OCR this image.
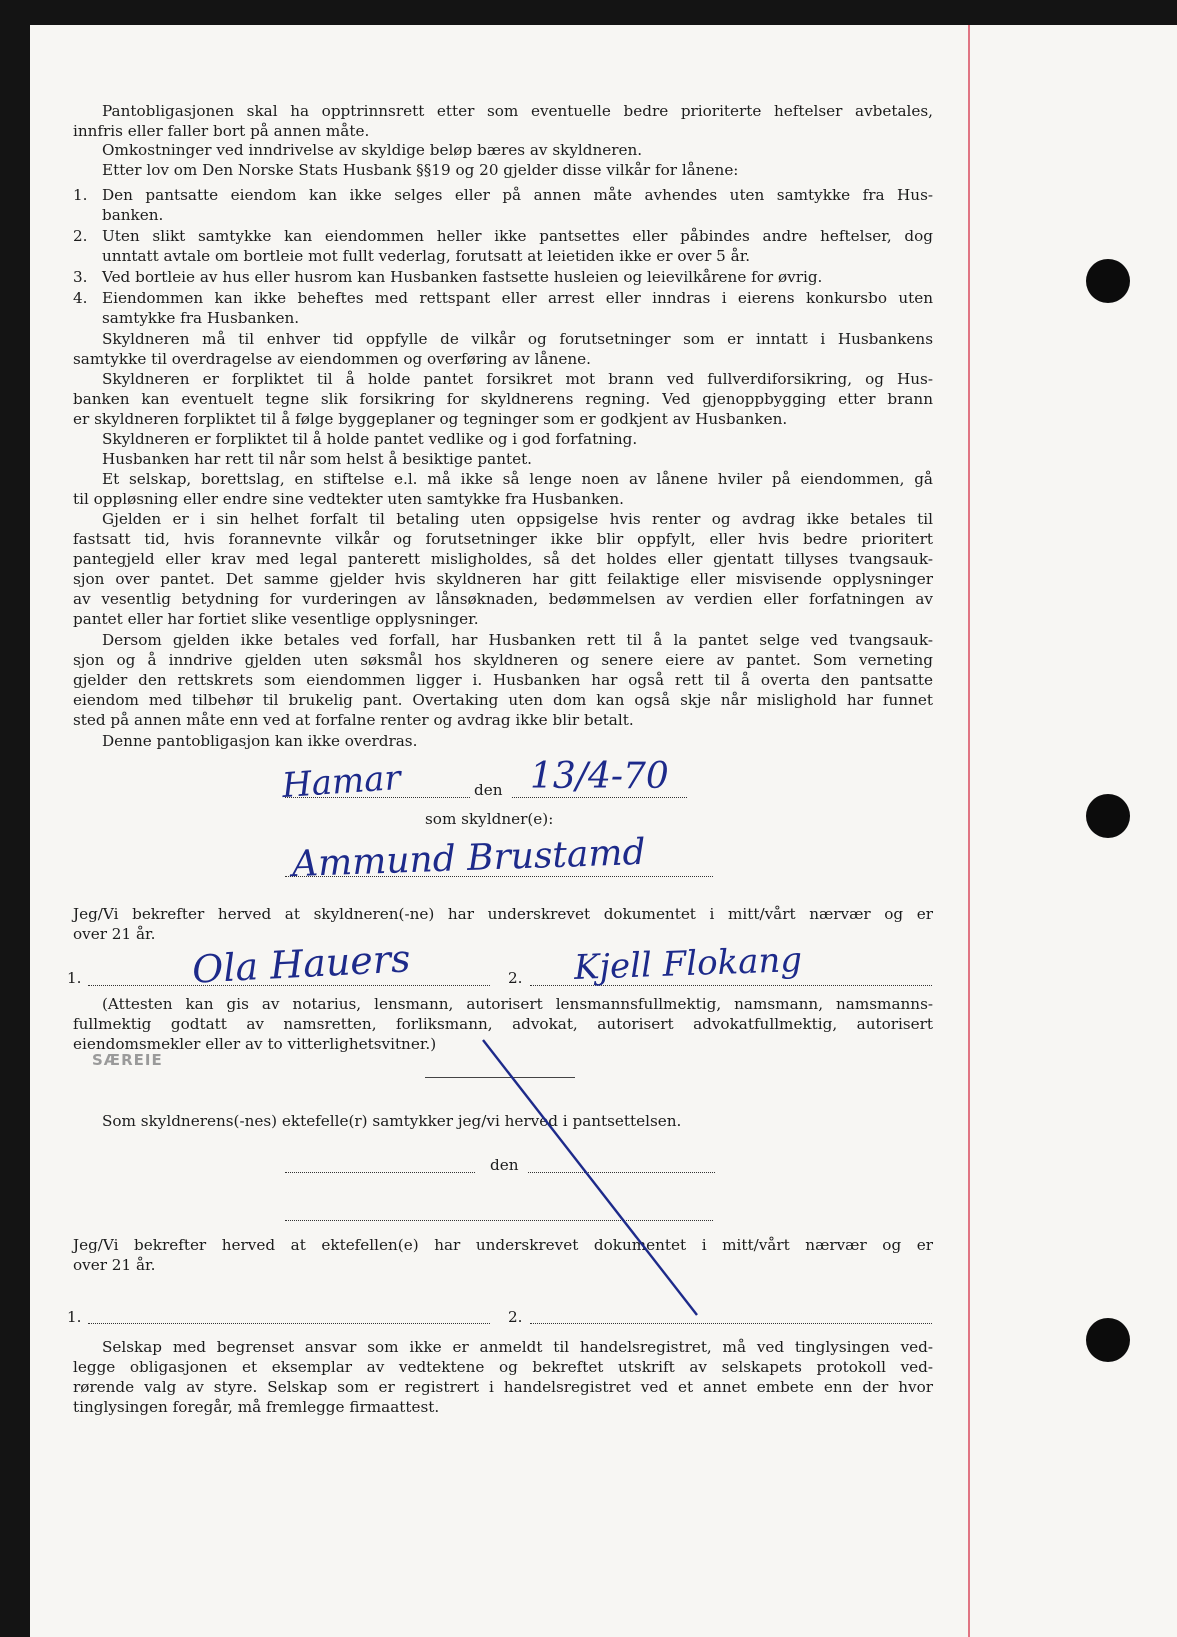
Pantobligasjonen skal ha opptrinnsrett etter som eventuelle bedre prioriterte heftelser avbetales,
innfris eller faller bort på annen måte.
Omkostninger ved inndrivelse av skyldige beløp bæres av skyldneren.
Etter lov om Den Norske Stats Husbank §§19 og 20 gjelder disse vilkår for lånene:
1. Den pantsatte eiendom kan ikke selges eller på annen måte avhendes uten samtykke fra Hus-
banken.
2. Uten slikt samtykke kan eiendommen heller ikke pantsettes eller påbindes andre heftelser, dog
unntatt avtale om bortleie mot fullt vederlag, forutsatt at leietiden ikke er over 5 år.
3. Ved bortleie av hus eller husrom kan Husbanken fastsette husleien og leievilkårene for øvrig.
4. Eiendommen kan ikke beheftes med rettspant eller arrest eller inndras i eierens konkursbo uten
samtykke fra Husbanken.
Skyldneren må til enhver tid oppfylle de vilkår og forutsetninger som er inntatt i Husbankens
samtykke til overdragelse av eiendommen og overføring av lånene.
Skyldneren er forpliktet til å holde pantet forsikret mot brann ved fullverdiforsikring, og Hus-
banken kan eventuelt tegne slik forsikring for skyldnerens regning. Ved gjenoppbygging etter brann
er skyldneren forpliktet til å følge byggeplaner og tegninger som er godkjent av Husbanken.
Skyldneren er forpliktet til å holde pantet vedlike og i god forfatning.
Husbanken har rett til når som helst å besiktige pantet.
Et selskap, borettslag, en stiftelse e.l. må ikke så lenge noen av lånene hviler på eiendommen, gå
til oppløsning eller endre sine vedtekter uten samtykke fra Husbanken.
Gjelden er i sin helhet forfalt til betaling uten oppsigelse hvis renter og avdrag ikke betales til
fastsatt tid, hvis forannevnte vilkår og forutsetninger ikke blir oppfylt, eller hvis bedre prioritert
pantegjeld eller krav med legal panterett misligholdes, så det holdes eller gjentatt tillyses tvangsauk-
sjon over pantet. Det samme gjelder hvis skyldneren har gitt feilaktige eller misvisende opplysninger
av vesentlig betydning for vurderingen av lånsøknaden, bedømmelsen av verdien eller forfatningen av
pantet eller har fortiet slike vesentlige opplysninger.
Dersom gjelden ikke betales ved forfall, har Husbanken rett til å la pantet selge ved tvangsauk-
sjon og å inndrive gjelden uten søksmål hos skyldneren og senere eiere av pantet. Som verneting
gjelder den rettskrets som eiendommen ligger i. Husbanken har også rett til å overta den pantsatte
eiendom med tilbehør til brukelig pant. Overtaking uten dom kan også skje når mislighold har funnet
sted på annen måte enn ved at forfalne renter og avdrag ikke blir betalt.
Denne pantobligasjon kan ikke overdras.
Hamar	den 13/4-70
som skyldner(e):
Ammund Brustamd
Jeg/Vi bekrefter herved at skyldneren(-ne) har underskrevet dokumentet i mitt/vårt nærvær og er
over 21 år.
1.	Ola Hauers	2. Kjell Flokang
(Attesten kan gis av notarius, lensmann, autorisert lensmannsfullmektig, namsmann, namsmanns-
fullmektig godtatt av namsretten, forliksmann, advokat, autorisert advokatfullmektig, autorisert
eiendomsmekler eller av to vitterlighetsvitner.)
SÆREIE
Som skyldnerens(-nes) ektefelle(r) samtykker jeg/vi herved i pantsettelsen.
den
Jeg/Vi bekrefter herved at ektefellen(e) har underskrevet dokumentet i mitt/vårt nærvær og er
over 21 år.
1.	2.
Selskap med begrenset ansvar som ikke er anmeldt til handelsregistret, må ved tinglysingen ved-
legge obligasjonen et eksemplar av vedtektene og bekreftet utskrift av selskapets protokoll ved-
rørende valg av styre. Selskap som er registrert i handelsregistret ved et annet embete enn der hvor
tinglysingen foregår, må fremlegge firmaattest.
